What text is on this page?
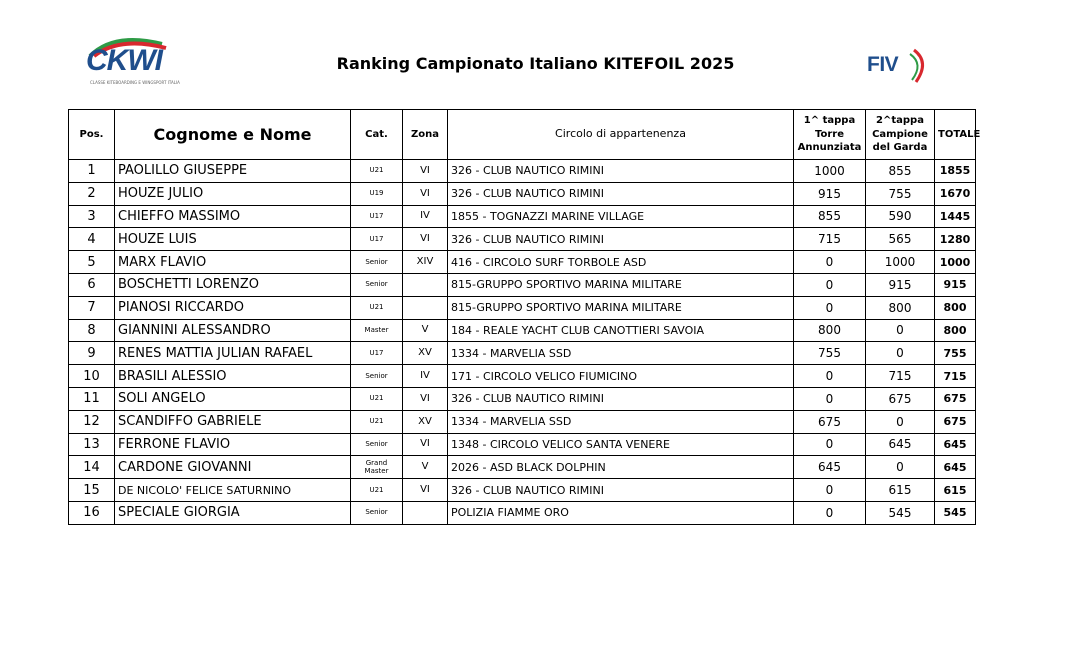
CKWI
CLASSE KITEBOARDING E WINGSPORT ITALIA
Ranking Campionato Italiano KITEFOIL 2025	FIV
Pos.	Cognome e Nome	Cat.	Zona	Circolo di appartenenza	1^ tappa
Torre
Annunziata	2^tappa
Campione
del Garda	TOTALE
1	PAOLILLO GIUSEPPE	U21	VI	326 - CLUB NAUTICO RIMINI	1000	855	1855
2	HOUZE JULIO	U19	VI	326 - CLUB NAUTICO RIMINI	915	755	1670
3	CHIEFFO MASSIMO	U17	IV	1855 - TOGNAZZI MARINE VILLAGE	855	590	1445
4	HOUZE LUIS	U17	VI	326 - CLUB NAUTICO RIMINI	715	565	1280
5	MARX FLAVIO	Senior	XIV	416 - CIRCOLO SURF TORBOLE ASD	0	1000	1000
6	BOSCHETTI LORENZO	Senior		815-GRUPPO SPORTIVO MARINA MILITARE	0	915	915
7	PIANOSI RICCARDO	U21		815-GRUPPO SPORTIVO MARINA MILITARE	0	800	800
8	GIANNINI ALESSANDRO	Master	V	184 - REALE YACHT CLUB CANOTTIERI SAVOIA	800	0	800
9	RENES MATTIA JULIAN RAFAEL	U17	XV	1334 - MARVELIA SSD	755	0	755
10	BRASILI ALESSIO	Senior	IV	171 - CIRCOLO VELICO FIUMICINO	0	715	715
11	SOLI ANGELO	U21	VI	326 - CLUB NAUTICO RIMINI	0	675	675
12	SCANDIFFO GABRIELE	U21	XV	1334 - MARVELIA SSD	675	0	675
13	FERRONE FLAVIO	Senior	VI	1348 - CIRCOLO VELICO SANTA VENERE	0	645	645
14	CARDONE GIOVANNI	Grand Master	V	2026 - ASD BLACK DOLPHIN	645	0	645
15	DE NICOLO' FELICE SATURNINO	U21	VI	326 - CLUB NAUTICO RIMINI	0	615	615
16	SPECIALE GIORGIA	Senior		POLIZIA FIAMME ORO	0	545	545
